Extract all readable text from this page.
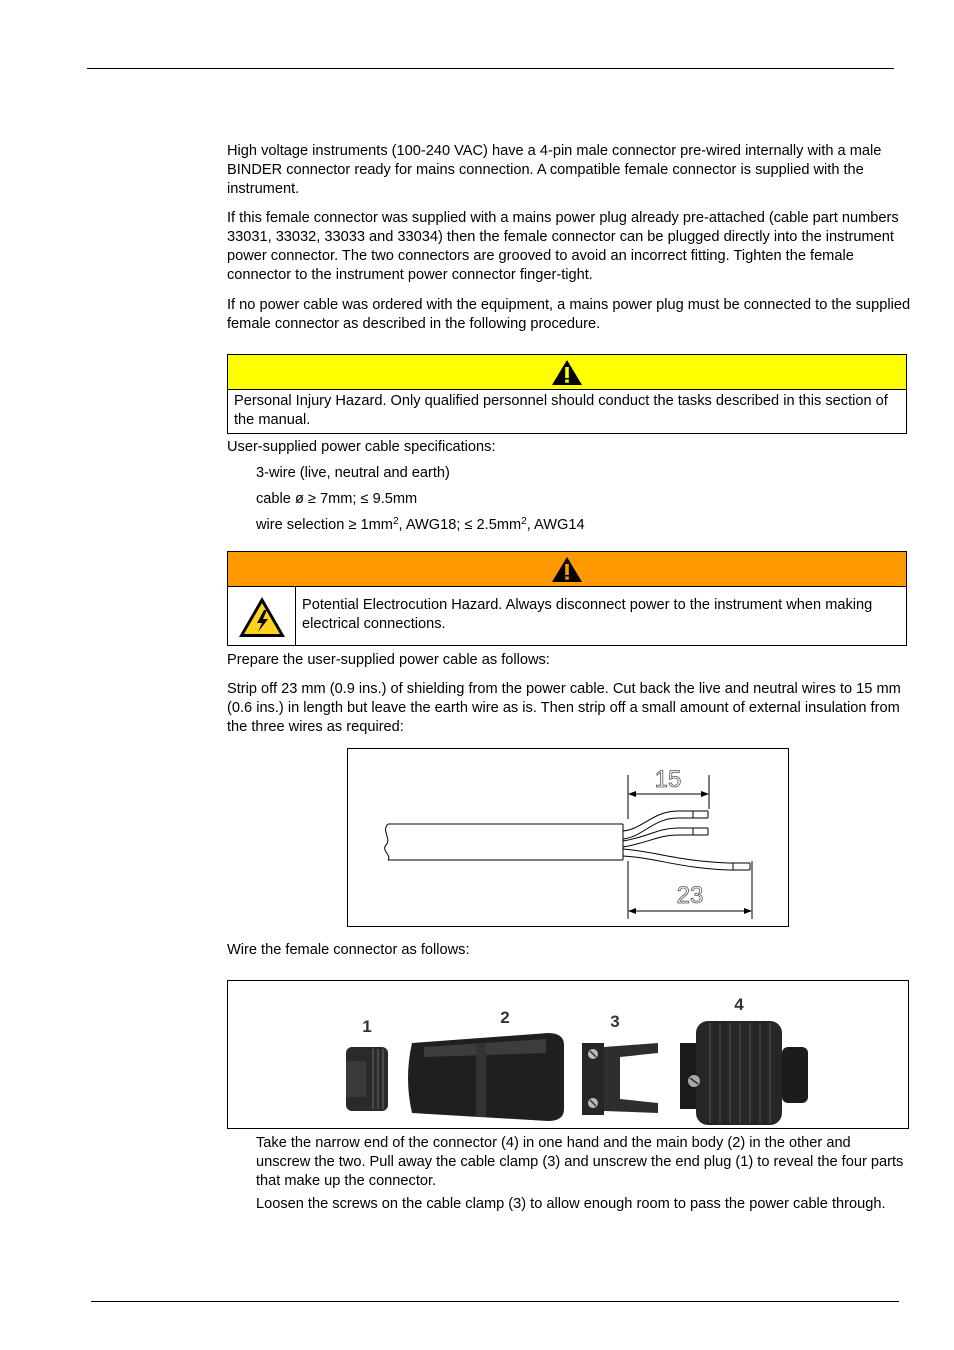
High voltage instruments (100-240 VAC) have a 4-pin male connector pre-wired internally with a male BINDER connector ready for mains connection. A compatible female connector is supplied with the instrument.

If this female connector was supplied with a mains power plug already pre-attached (cable part numbers 33031, 33032, 33033 and 33034) then the female connector can be plugged directly into the instrument power connector. The two connectors are grooved to avoid an incorrect fitting. Tighten the female connector to the instrument power connector finger-tight.

If no power cable was ordered with the equipment, a mains power plug must be connected to the supplied female connector as described in the following procedure.

Personal Injury Hazard. Only qualified personnel should conduct the tasks described in this section of the manual.

User-supplied power cable specifications:

3-wire (live, neutral and earth)

cable ø ≥ 7mm; ≤ 9.5mm

wire selection ≥ $1mm^2$, AWG18; ≤ $2.5mm^2$, AWG14

Potential Electrocution Hazard. Always disconnect power to the instrument when making electrical connections.

Prepare the user-supplied power cable as follows:

Strip off 23 mm (0.9 ins.) of shielding from the power cable. Cut back the live and neutral wires to 15 mm (0.6 ins.) in length but leave the earth wire as is. Then strip off a small amount of external insulation from the three wires as required:

15
23

Wire the female connector as follows:

1	2	3
4

Take the narrow end of the connector (4) in one hand and the main body (2) in the other and unscrew the two. Pull away the cable clamp (3) and unscrew the end plug (1) to reveal the four parts that make up the connector.

Loosen the screws on the cable clamp (3) to allow enough room to pass the power cable through.
